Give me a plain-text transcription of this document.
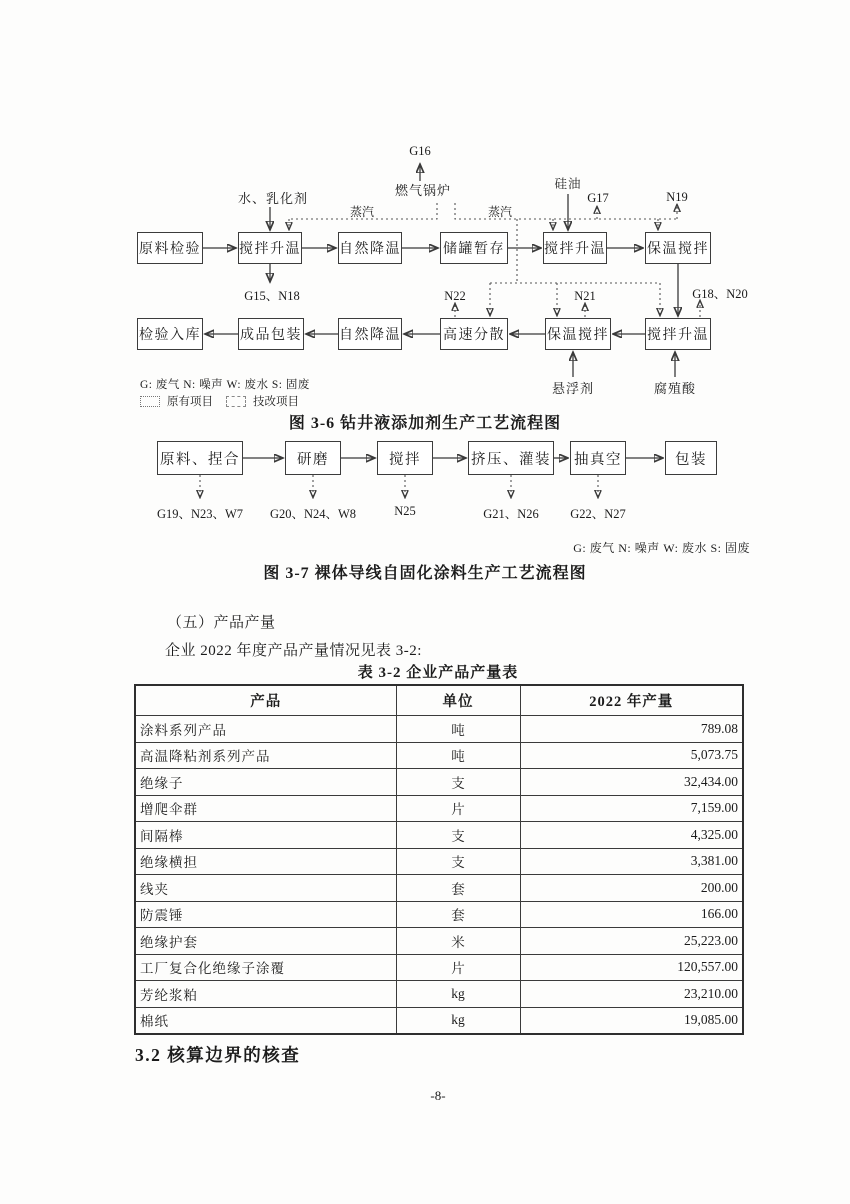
原料检验	搅拌升温	自然降温	储罐暂存	搅拌升温	保温搅拌
检验入库	成品包装	自然降温	高速分散	保温搅拌	搅拌升温
G16
燃气锅炉
水、乳化剂
蒸汽	蒸汽
硅油
G17	N19
G15、N18	N22	N21	G18、N20
悬浮剂	腐殖酸
G: 废气 N: 噪声 W: 废水 S: 固废
原有项目	技改项目
图 3-6 钻井液添加剂生产工艺流程图
原料、捏合	研磨	搅拌	挤压、灌装 抽真空	包装
G19、N23、W7	G20、N24、W8	N25	G21、N26	G22、N27
G: 废气 N: 噪声 W: 废水 S: 固废
图 3-7 裸体导线自固化涂料生产工艺流程图
（五）产品产量
企业 2022 年度产品产量情况见表 3-2:
表 3-2 企业产品产量表
产品	单位	2022 年产量
涂料系列产品	吨	789.08
高温降粘剂系列产品	吨	5,073.75
绝缘子	支	32,434.00
增爬伞群	片	7,159.00
间隔棒	支	4,325.00
绝缘横担	支	3,381.00
线夹	套	200.00
防震锤	套	166.00
绝缘护套	米	25,223.00
工厂复合化绝缘子涂覆	片	120,557.00
芳纶浆粕	kg	23,210.00
棉纸	kg	19,085.00
3.2 核算边界的核查
-8-
